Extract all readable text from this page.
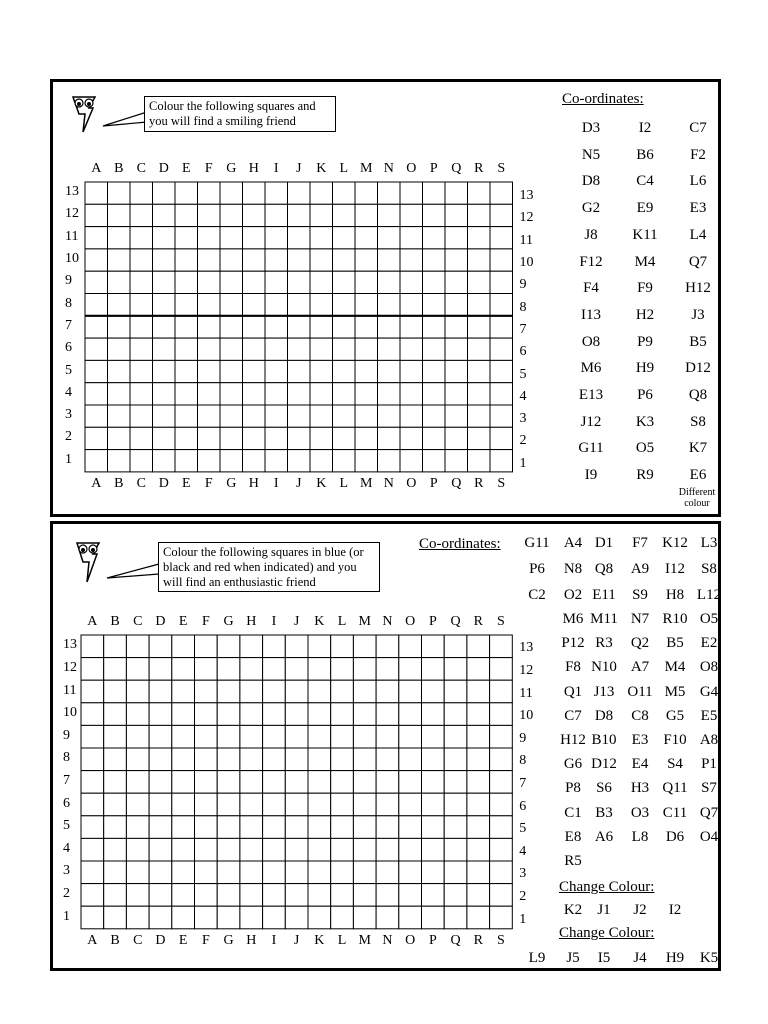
Colour the following squares and you will find a smiling friend
Co-ordinates:
A B C D E	F G H	I	J	K L M N O P Q R S
A B C D E	F G H	I	J	K L M N O P Q R S
13
12
11
10
9
8
7
6
5
4
3
2
1
13
12
11
10
9
8
7
6
5
4
3
2
1
D3	I2	C7
N5	B6	F2
D8	C4	L6
G2	E9	E3
J8	K11	L4
F12	M4	Q7
F4	F9	H12
I13	H2	J3
O8	P9	B5
M6	H9	D12
E13	P6	Q8
J12	K3	S8
G11	O5	K7
I9	R9	E6
Different colour
Colour the following squares in blue (or black and red when indicated) and you will find an enthusiastic friend
Co-ordinates:
A B C D E	F G H	I	J	K L M N O P Q R	S
A B C D E	F G H	I	J	K L M N O P Q R	S
13
12
11
10
9
8
7
6
5
4
3
2
1
13
12
11
10
9
8
7
6
5
4
3
2
1
G11 A4 D1	F7 K12 L3
P6	N8 Q8	A9	I12	S8
C2	O2 E11	S9	H8 L12
M6 M11 N7 R10 O5
P12 R3	Q2	B5	E2
F8 N10 A7	M4 O8
Q1 J13 O11 M5 G4
C7 D8	C8	G5	E5
H12 B10	E3	F10 A8
G6 D12 E4	S4	P1
P8	S6	H3 Q11 S7
C1 B3	O3 C11 Q7
E8 A6	L8	D6	O4
R5
K2	J1	J2	I2
L9	J5	I5	J4	H9	K5
Change Colour:
Change Colour:
